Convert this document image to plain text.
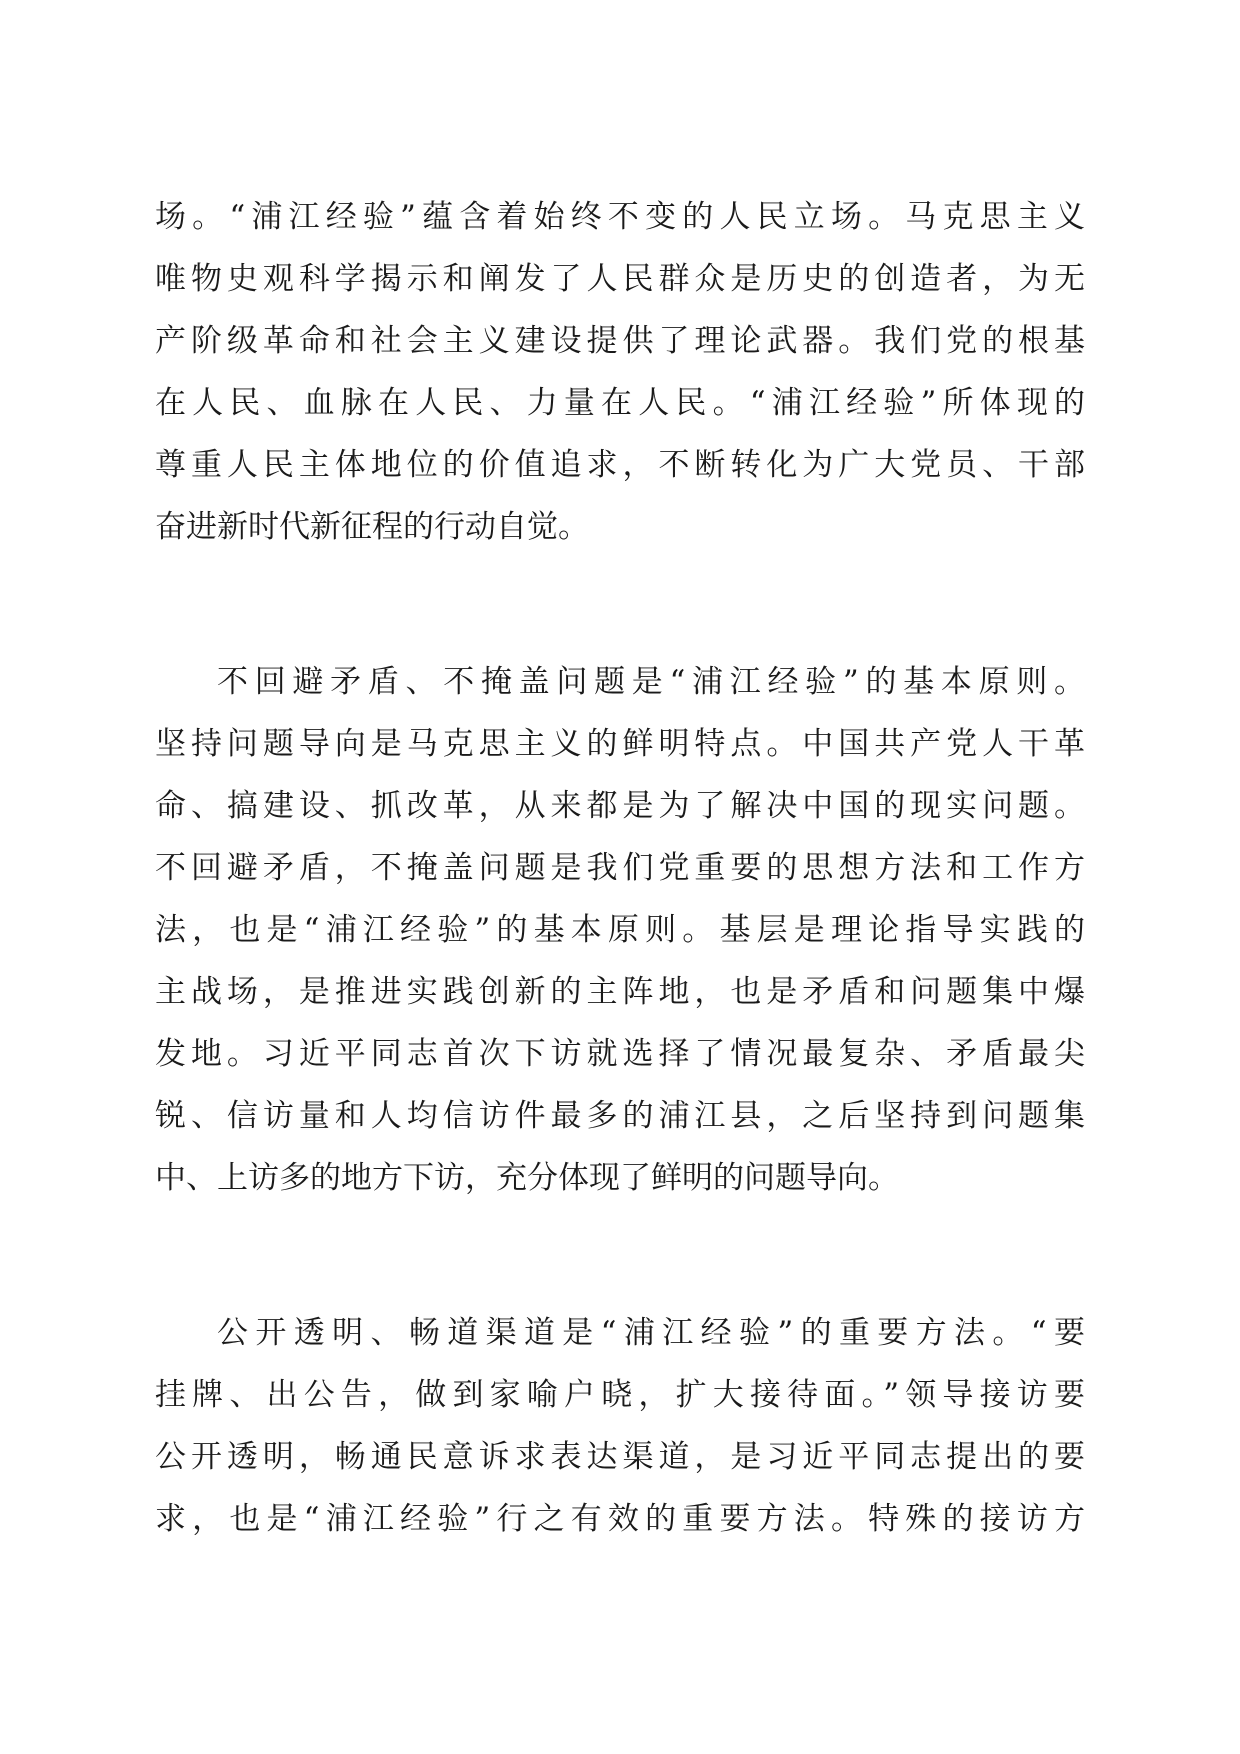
场。“浦江经验”蕴含着始终不变的人民立场。马克思主义
唯物史观科学揭示和阐发了人民群众是历史的创造者，为无
产阶级革命和社会主义建设提供了理论武器。我们党的根基
在人民、血脉在人民、力量在人民。“浦江经验”所体现的
尊重人民主体地位的价值追求，不断转化为广大党员、干部
奋进新时代新征程的行动自觉。
不回避矛盾、不掩盖问题是“浦江经验”的基本原则。
坚持问题导向是马克思主义的鲜明特点。中国共产党人干革
命、搞建设、抓改革，从来都是为了解决中国的现实问题。
不回避矛盾，不掩盖问题是我们党重要的思想方法和工作方
法，也是“浦江经验”的基本原则。基层是理论指导实践的
主战场，是推进实践创新的主阵地，也是矛盾和问题集中爆
发地。习近平同志首次下访就选择了情况最复杂、矛盾最尖
锐、信访量和人均信访件最多的浦江县，之后坚持到问题集
中、上访多的地方下访，充分体现了鲜明的问题导向。
公开透明、畅道渠道是“浦江经验”的重要方法。“要
挂牌、出公告，做到家喻户晓，扩大接待面。”领导接访要
公开透明，畅通民意诉求表达渠道，是习近平同志提出的要
求，也是“浦江经验”行之有效的重要方法。特殊的接访方
